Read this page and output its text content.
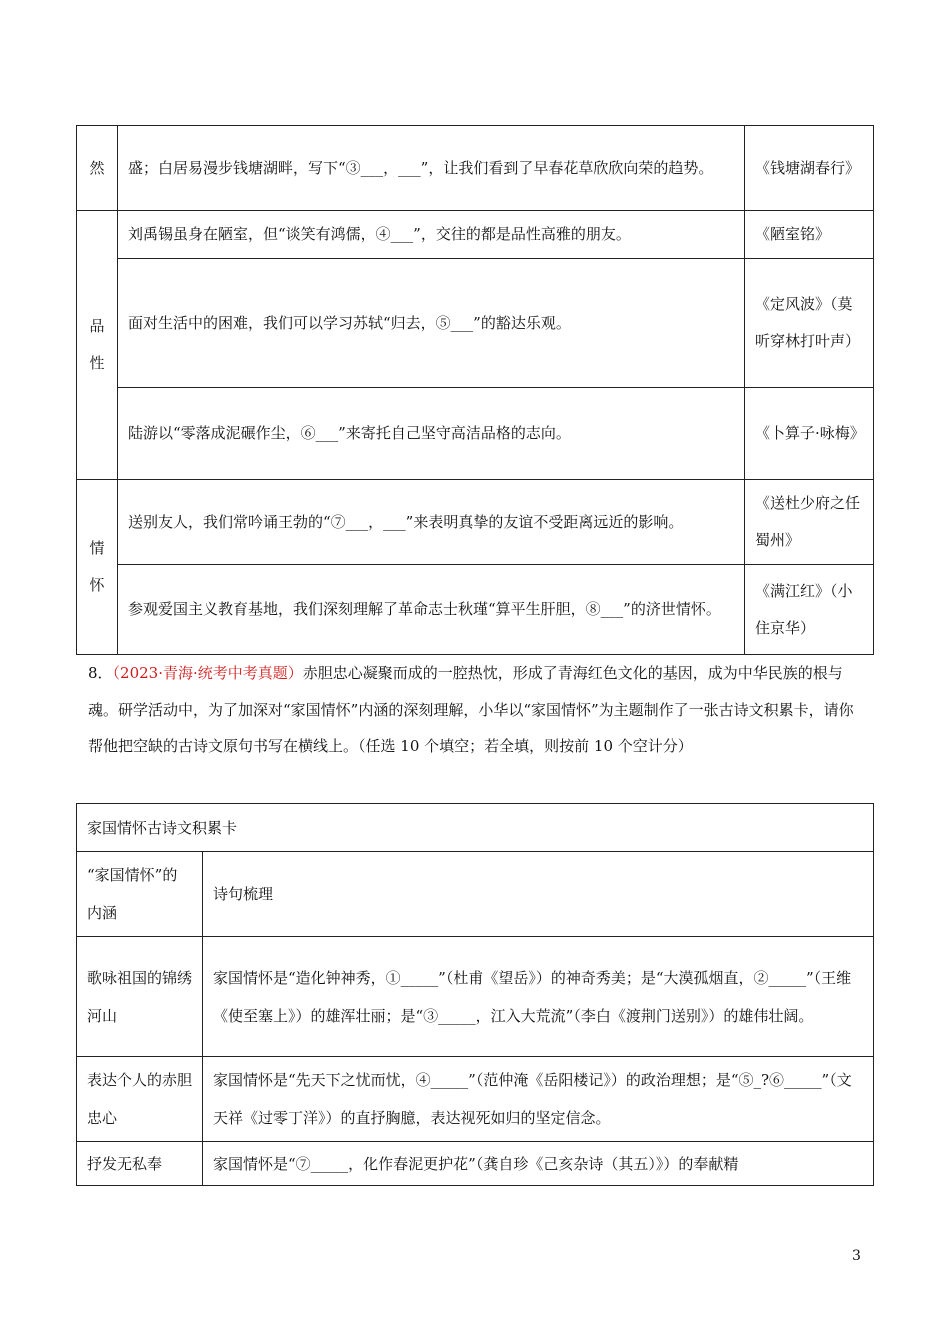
然	盛；白居易漫步钱塘湖畔，写下“③___，___”，让我们看到了早春花草欣欣向荣的趋势。	《钱塘湖春行》
品性	刘禹锡虽身在陋室，但“谈笑有鸿儒，④___”，交往的都是品性高雅的朋友。	《陋室铭》
	面对生活中的困难，我们可以学习苏轼“归去，⑤___”的豁达乐观。	《定风波》（莫听穿林打叶声）
	陆游以“零落成泥碾作尘，⑥___”来寄托自己坚守高洁品格的志向。	《卜算子·咏梅》
情怀	送别友人，我们常吟诵王勃的“⑦___，___”来表明真挚的友谊不受距离远近的影响。	《送杜少府之任蜀州》
	参观爱国主义教育基地，我们深刻理解了革命志士秋瑾“算平生肝胆，⑧___”的济世情怀。	《满江红》（小住京华）
8．（2023·青海·统考中考真题）赤胆忠心凝聚而成的一腔热忱，形成了青海红色文化的基因，成为中华民族的根与魂。研学活动中，为了加深对“家国情怀”内涵的深刻理解，小华以“家国情怀”为主题制作了一张古诗文积累卡，请你帮他把空缺的古诗文原句书写在横线上。（任选 10 个填空；若全填，则按前 10 个空计分）
家国情怀古诗文积累卡	
“家国情怀”的内涵	诗句梳理
歌咏祖国的锦绣河山	家国情怀是“造化钟神秀，①_____”（杜甫《望岳》）的神奇秀美；是“大漠孤烟直，②_____”（王维《使至塞上》）的雄浑壮丽；是“③_____，江入大荒流”（李白《渡荆门送别》）的雄伟壮阔。
表达个人的赤胆忠心	家国情怀是“先天下之忧而忧，④_____”（范仲淹《岳阳楼记》）的政治理想；是“⑤_?⑥_____”（文天祥《过零丁洋》）的直抒胸臆，表达视死如归的坚定信念。
抒发无私奉	家国情怀是“⑦_____，化作春泥更护花”（龚自珍《己亥杂诗（其五）》）的奉献精
3
